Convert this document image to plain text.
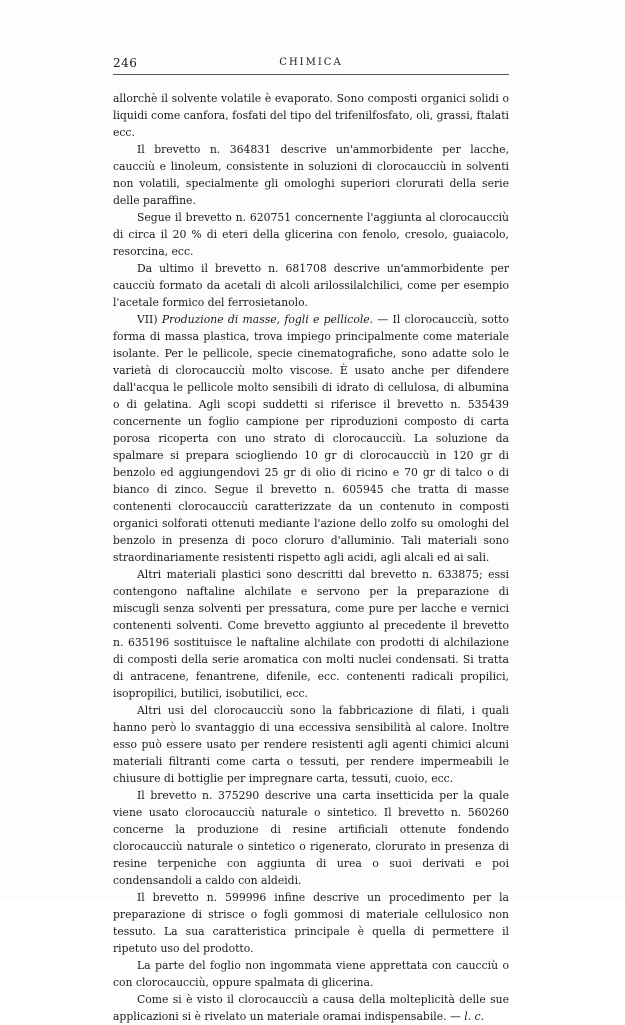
246	CHIMICA

allorchè il solvente volatile è evaporato. Sono composti organici solidi o liquidi come canfora, fosfati del tipo del trifenilfosfato, oli, grassi, ftalati ecc.

Il brevetto n. 364831 descrive un'ammorbidente per lacche, caucciù e linoleum, consistente in soluzioni di clorocaucciù in solventi non volatili, specialmente gli omologhi superiori clorurati della serie delle paraffine.

Segue il brevetto n. 620751 concernente l'aggiunta al clorocaucciù di circa il 20 % di eteri della glicerina con fenolo, cresolo, guaiacolo, resorcina, ecc.

Da ultimo il brevetto n. 681708 descrive un'ammorbidente per caucciù formato da acetali di alcoli arilossilalchilici, come per esempio l'acetale formico del ferrosietanolo.

VII) Produzione di masse, fogli e pellicole. — Il clorocaucciù, sotto forma di massa plastica, trova impiego principalmente come materiale isolante. Per le pellicole, specie cinematografiche, sono adatte solo le varietà di clorocaucciù molto viscose. È usato anche per difendere dall'acqua le pellicole molto sensibili di idrato di cellulosa, di albumina o di gelatina. Agli scopi suddetti si riferisce il brevetto n. 535439 concernente un foglio campione per riproduzioni composto di carta porosa ricoperta con uno strato di clorocaucciù. La soluzione da spalmare si prepara sciogliendo 10 gr di clorocaucciù in 120 gr di benzolo ed aggiungendovi 25 gr di olio di ricino e 70 gr di talco o di bianco di zinco. Segue il brevetto n. 605945 che tratta di masse contenenti clorocaucciù caratterizzate da un contenuto in composti organici solforati ottenuti mediante l'azione dello zolfo su omologhi del benzolo in presenza di poco cloruro d'alluminio. Tali materiali sono straordinariamente resistenti rispetto agli acidi, agli alcali ed ai sali.

Altri materiali plastici sono descritti dal brevetto n. 633875; essi contengono naftaline alchilate e servono per la preparazione di miscugli senza solventi per pressatura, come pure per lacche e vernici contenenti solventi. Come brevetto aggiunto al precedente il brevetto n. 635196 sostituisce le naftaline alchilate con prodotti di alchilazione di composti della serie aromatica con molti nuclei condensati. Si tratta di antracene, fenantrene, difenile, ecc. contenenti radicali propilici, isopropilici, butilici, isobutilici, ecc.

Altri usi del clorocaucciù sono la fabbricazione di filati, i quali hanno però lo svantaggio di una eccessiva sensibilità al calore. Inoltre esso può essere usato per rendere resistenti agli agenti chimici alcuni materiali filtranti come carta o tessuti, per rendere impermeabili le chiusure di bottiglie per impregnare carta, tessuti, cuoio, ecc.

Il brevetto n. 375290 descrive una carta insetticida per la quale viene usato clorocaucciù naturale o sintetico. Il brevetto n. 560260 concerne la produzione di resine artificiali ottenute fondendo clorocaucciù naturale o sintetico o rigenerato, clorurato in presenza di resine terpeniche con aggiunta di urea o suoi derivati e poi condensandoli a caldo con aldeidi.

Il brevetto n. 599996 infine descrive un procedimento per la preparazione di strisce o fogli gommosi di materiale cellulosico non tessuto. La sua caratteristica principale è quella di permettere il ripetuto uso del prodotto.

La parte del foglio non ingommata viene apprettata con caucciù o con clorocaucciù, oppure spalmata di glicerina.

Come si è visto il clorocaucciù a causa della molteplicità delle sue applicazioni si è rivelato un materiale oramai indispensabile. — l. c.
